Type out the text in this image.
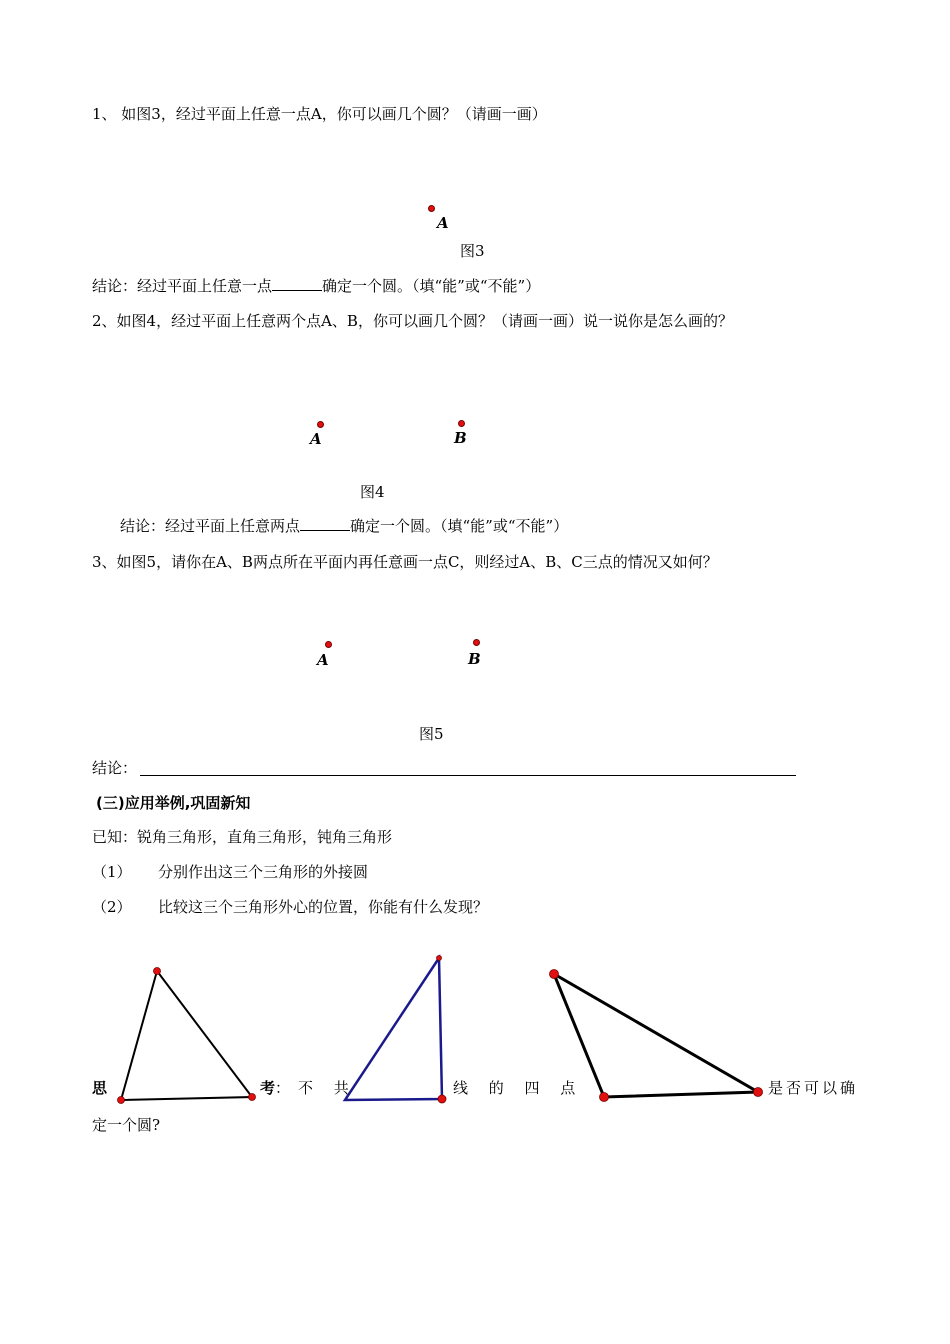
1、 如图3，经过平面上任意一点A，你可以画几个圆？（请画一画）
A
图3
结论：经过平面上任意一点	确定一个圆。（填“能”或“不能”）
2、如图4，经过平面上任意两个点A、B，你可以画几个圆？（请画一画）说一说你是怎么画的？
A	B
图4
结论：经过平面上任意两点	确定一个圆。（填“能”或“不能”）
3、如图5，请你在A、B两点所在平面内再任意画一点C，则经过A、B、C三点的情况又如何？
A	B
图5
结论：
(三)应用举例,巩固新知
已知：锐角三角形，直角三角形，钝角三角形
（1） 分别作出这三个三角形的外接圆
（2） 比较这三个三角形外心的位置，你能有什么发现？
思	考：不 共	线 的 四 点	是否可以确
定一个圆?
